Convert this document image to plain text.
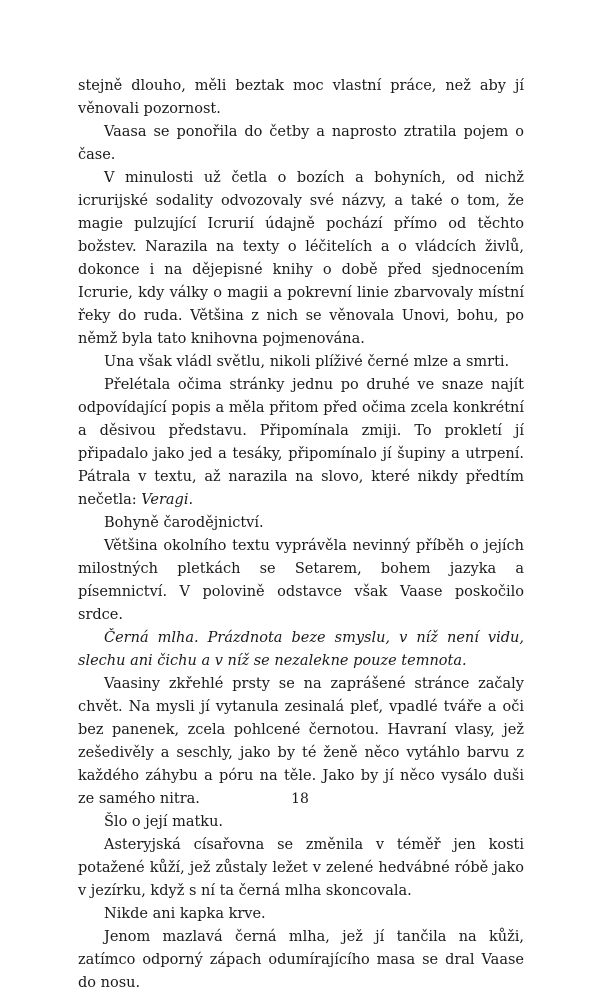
stejně dlouho, měli beztak moc vlastní práce, než aby jí věnovali pozornost.

Vaasa se ponořila do četby a naprosto ztratila pojem o čase.

V minulosti už četla o bozích a bohyních, od nichž icrurijské sodality odvozovaly své názvy, a také o tom, že magie pulzující Icrurií údajně pochází přímo od těchto božstev. Narazila na texty o léčitelích a o vládcích živlů, dokonce i na dějepisné knihy o době před sjednocením Icrurie, kdy války o magii a pokrevní linie zbarvovaly místní řeky do ruda. Většina z nich se věnovala Unovi, bohu, po němž byla tato knihovna pojmenována.

Una však vládl světlu, nikoli plíživé černé mlze a smrti.

Přelétala očima stránky jednu po druhé ve snaze najít odpovídající popis a měla přitom před očima zcela konkrétní a děsivou představu. Připomínala zmiji. To prokletí jí připadalo jako jed a tesáky, připomínalo jí šupiny a utrpení. Pátrala v textu, až narazila na slovo, které nikdy předtím nečetla: Veragi.

Bohyně čarodějnictví.

Většina okolního textu vyprávěla nevinný příběh o jejích milostných pletkách se Setarem, bohem jazyka a písemnictví. V polovině odstavce však Vaase poskočilo srdce.

Černá mlha. Prázdnota beze smyslu, v níž není vidu, slechu ani čichu a v níž se nezalekne pouze temnota.

Vaasiny zkřehlé prsty se na zaprášené stránce začaly chvět. Na mysli jí vytanula zesinalá pleť, vpadlé tváře a oči bez panenek, zcela pohlcené černotou. Havraní vlasy, jež zešedivěly a seschly, jako by té ženě něco vytáhlo barvu z každého záhybu a póru na těle. Jako by jí něco vysálo duši ze samého nitra.

Šlo o její matku.

Asteryjská císařovna se změnila v téměř jen kosti potažené kůží, jež zůstaly ležet v zelené hedvábné róbě jako v jezírku, když s ní ta černá mlha skoncovala.

Nikde ani kapka krve.

Jenom mazlavá černá mlha, jež jí tančila na kůži, zatímco odporný zápach odumírajícího masa se dral Vaase do nosu.

18
